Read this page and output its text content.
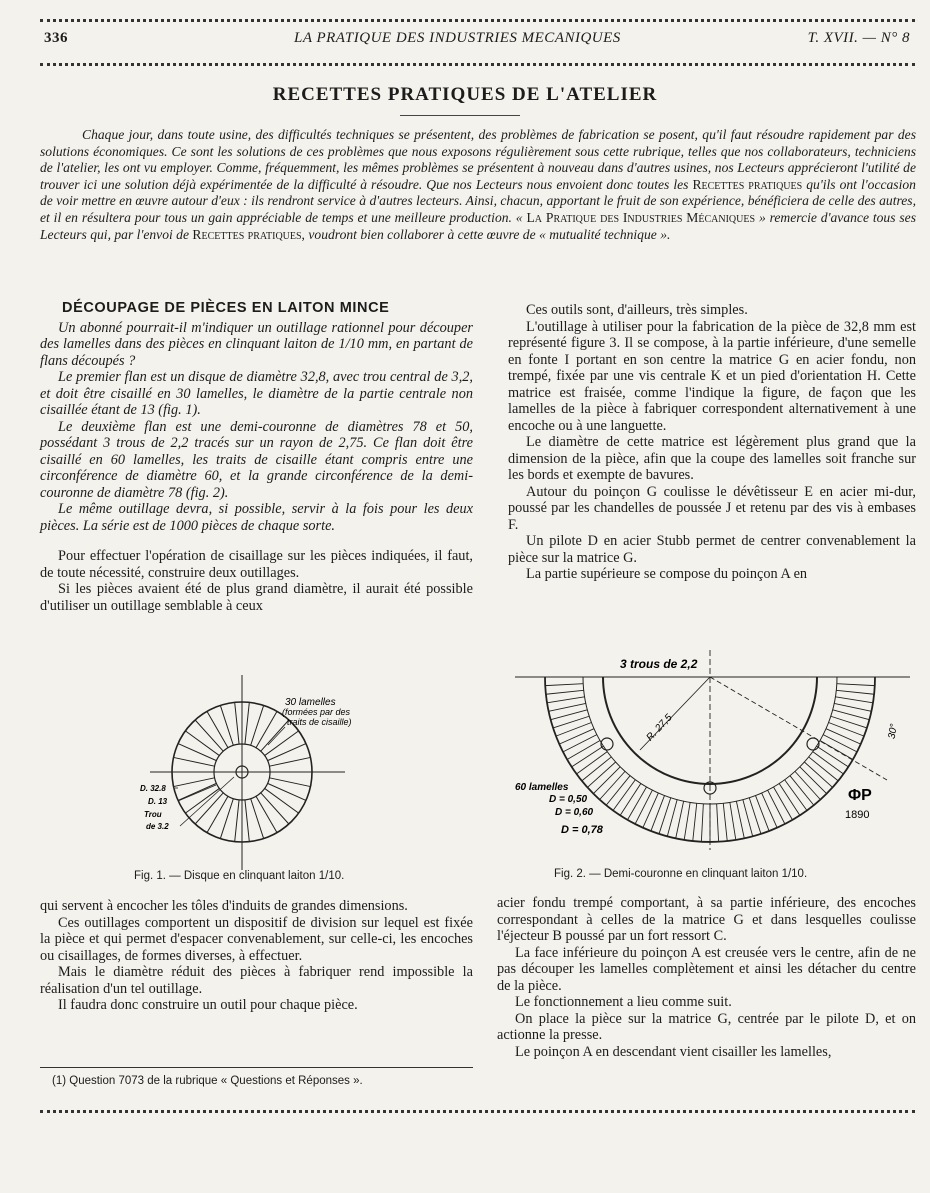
336	LA PRATIQUE DES INDUSTRIES MECANIQUES	T. XVII. — N° 8
RECETTES PRATIQUES DE L'ATELIER

Chaque jour, dans toute usine, des difficultés techniques se présentent, des problèmes de fabrication se posent, qu'il faut résoudre rapidement par des solutions économiques. Ce sont les solutions de ces problèmes que nous exposons régulièrement sous cette rubrique, telles que nos collaborateurs, techniciens de l'atelier, les ont vu employer. Comme, fréquemment, les mêmes problèmes se présentent à nouveau dans d'autres usines, nos Lecteurs apprécieront l'utilité de trouver ici une solution déjà expérimentée de la difficulté à résoudre. Que nos Lecteurs nous envoient donc toutes les Recettes pratiques qu'ils ont l'occasion de voir mettre en œuvre autour d'eux : ils rendront service à d'autres lecteurs. Ainsi, chacun, apportant le fruit de son expérience, bénéficiera de celle des autres, et il en résultera pour tous un gain appréciable de temps et une meilleure production. « La Pratique des Industries Mécaniques » remercie d'avance tous ses Lecteurs qui, par l'envoi de Recettes pratiques, voudront bien collaborer à cette œuvre de « mutualité technique ».

DÉCOUPAGE DE PIÈCES EN LAITON MINCE

Un abonné pourrait-il m'indiquer un outillage rationnel pour découper des lamelles dans des pièces en clinquant laiton de 1/10 mm, en partant de flans découpés ?

Le premier flan est un disque de diamètre 32,8, avec trou central de 3,2, et doit être cisaillé en 30 lamelles, le diamètre de la partie centrale non cisaillée étant de 13 (fig. 1).

Le deuxième flan est une demi-couronne de diamètres 78 et 50, possédant 3 trous de 2,2 tracés sur un rayon de 2,75. Ce flan doit être cisaillé en 60 lamelles, les traits de cisaille étant compris entre une circonférence de diamètre 60, et la grande circonférence de la demi-couronne de diamètre 78 (fig. 2).

Le même outillage devra, si possible, servir à la fois pour les deux pièces. La série est de 1000 pièces de chaque sorte.

Pour effectuer l'opération de cisaillage sur les pièces indiquées, il faut, de toute nécessité, construire deux outillages.

Si les pièces avaient été de plus grand diamètre, il aurait été possible d'utiliser un outillage semblable à ceux

Ces outils sont, d'ailleurs, très simples.

L'outillage à utiliser pour la fabrication de la pièce de 32,8 mm est représenté figure 3. Il se compose, à la partie inférieure, d'une semelle en fonte I portant en son centre la matrice G en acier fondu, non trempé, fixée par une vis centrale K et un pied d'orientation H. Cette matrice est fraisée, comme l'indique la figure, de façon que les lamelles de la pièce à fabriquer correspondent alternativement à une encoche ou à une languette.

Le diamètre de cette matrice est légèrement plus grand que la dimension de la pièce, afin que la coupe des lamelles soit franche sur les bords et exempte de bavures.

Autour du poinçon G coulisse le dévêtisseur E en acier mi-dur, poussé par les chandelles de poussée J et retenu par des vis à embases F.

Un pilote D en acier Stubb permet de centrer convenablement la pièce sur la matrice G.

La partie supérieure se compose du poinçon A en

30 lamelles
(formées par des
traits de cisaille)
D. 32.8
D. 13
Trou
de 3.2
Fig. 1. — Disque en clinquant laiton 1/10.
3 trous de 2,2
R. 27,5	30°
60 lamelles
D = 0,50
D = 0,60
D = 0,78
ΦP
1890
Fig. 2. — Demi-couronne en clinquant laiton 1/10.

qui servent à encocher les tôles d'induits de grandes dimensions.

Ces outillages comportent un dispositif de division sur lequel est fixée la pièce et qui permet d'espacer convenablement, sur celle-ci, les encoches ou cisaillages, de formes diverses, à effectuer.

Mais le diamètre réduit des pièces à fabriquer rend impossible la réalisation d'un tel outillage.

Il faudra donc construire un outil pour chaque pièce.

acier fondu trempé comportant, à sa partie inférieure, des encoches correspondant à celles de la matrice G et dans lesquelles coulisse l'éjecteur B poussé par un fort ressort C.

La face inférieure du poinçon A est creusée vers le centre, afin de ne pas découper les lamelles complètement et ainsi les détacher du centre de la pièce.

Le fonctionnement a lieu comme suit.

On place la pièce sur la matrice G, centrée par le pilote D, et on actionne la presse.

Le poinçon A en descendant vient cisailler les lamelles,

(1) Question 7073 de la rubrique « Questions et Réponses ».
